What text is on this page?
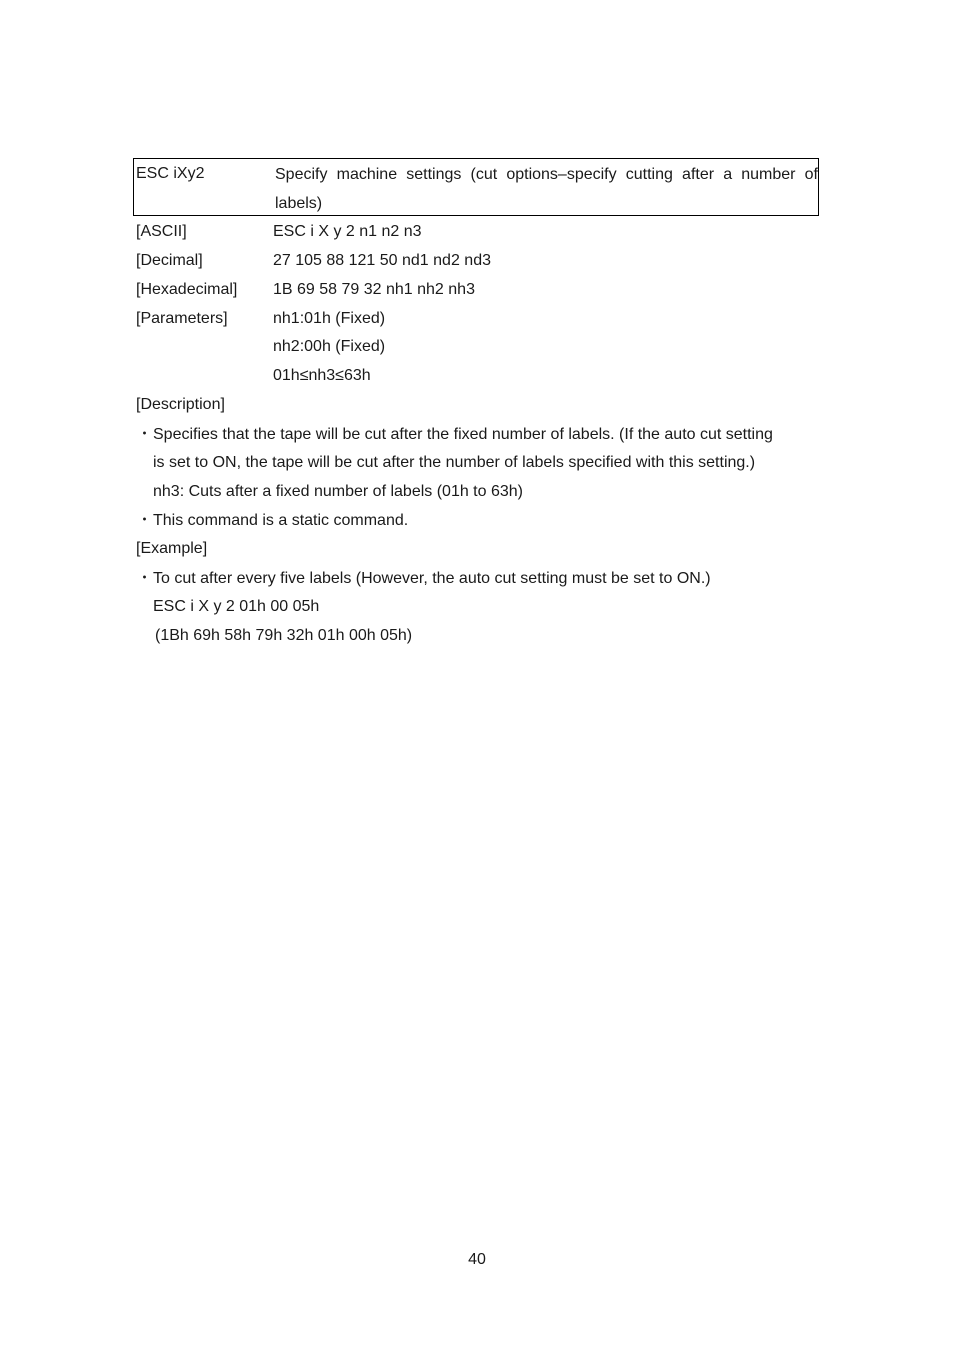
ESC iXy2	Specify machine settings (cut options–specify cutting after a number of labels)
[ASCII]	ESC i X y 2 n1 n2 n3
[Decimal]	27 105 88 121 50 nd1 nd2 nd3
[Hexadecimal] 1B 69 58 79 32 nh1 nh2 nh3
[Parameters]	nh1:01h (Fixed)
nh2:00h (Fixed)
01h≤nh3≤63h
[Description]
・Specifies that the tape will be cut after the fixed number of labels. (If the auto cut setting
is set to ON, the tape will be cut after the number of labels specified with this setting.)
nh3: Cuts after a fixed number of labels (01h to 63h)
・This command is a static command.
[Example]
・To cut after every five labels (However, the auto cut setting must be set to ON.)
ESC i X y 2 01h 00 05h
(1Bh 69h 58h 79h 32h 01h 00h 05h)
40
